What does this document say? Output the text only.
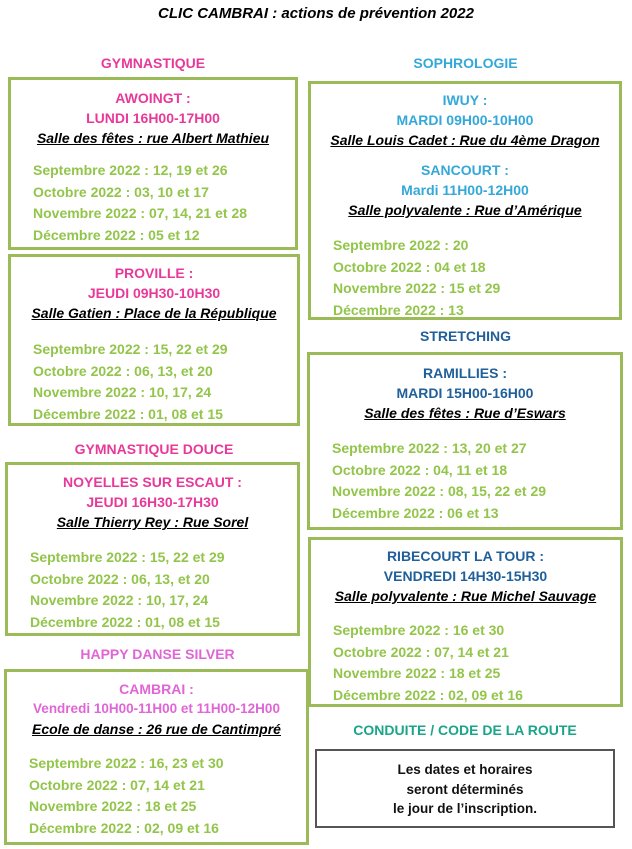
CLIC CAMBRAI : actions de prévention 2022
GYMNASTIQUE
AWOINGT :
LUNDI 16H00-17H00
Salle des fêtes : rue Albert Mathieu
Septembre 2022 : 12, 19 et 26
Octobre 2022 : 03, 10 et 17
Novembre 2022 : 07, 14, 21 et 28
Décembre 2022 : 05 et 12
PROVILLE :
JEUDI 09H30-10H30
Salle Gatien : Place de la République
Septembre 2022 : 15, 22 et 29
Octobre 2022 : 06, 13, et 20
Novembre 2022 : 10, 17, 24
Décembre 2022 : 01, 08 et 15
GYMNASTIQUE DOUCE
NOYELLES SUR ESCAUT :
JEUDI 16H30-17H30
Salle Thierry Rey : Rue Sorel
Septembre 2022 : 15, 22 et 29
Octobre 2022 : 06, 13, et 20
Novembre 2022 : 10, 17, 24
Décembre 2022 : 01, 08 et 15
HAPPY DANSE SILVER
CAMBRAI :
Vendredi 10H00-11H00 et 11H00-12H00
Ecole de danse : 26 rue de Cantimpré
Septembre 2022 : 16, 23 et 30
Octobre 2022 : 07, 14 et 21
Novembre 2022 : 18 et 25
Décembre 2022 : 02, 09 et 16
SOPHROLOGIE
IWUY :
MARDI 09H00-10H00
Salle Louis Cadet : Rue du 4ème Dragon
SANCOURT :
Mardi 11H00-12H00
Salle polyvalente : Rue d’Amérique
Septembre 2022 : 20
Octobre 2022 : 04 et 18
Novembre 2022 : 15 et 29
Décembre 2022 : 13
STRETCHING
RAMILLIES :
MARDI 15H00-16H00
Salle des fêtes : Rue d’Eswars
Septembre 2022 : 13, 20 et 27
Octobre 2022 : 04, 11 et 18
Novembre 2022 : 08, 15, 22 et 29
Décembre 2022 : 06 et 13
RIBECOURT LA TOUR :
VENDREDI 14H30-15H30
Salle polyvalente : Rue Michel Sauvage
Septembre 2022 : 16 et 30
Octobre 2022 : 07, 14 et 21
Novembre 2022 : 18 et 25
Décembre 2022 : 02, 09 et 16
CONDUITE / CODE DE LA ROUTE
Les dates et horaires
seront déterminés
le jour de l’inscription.
